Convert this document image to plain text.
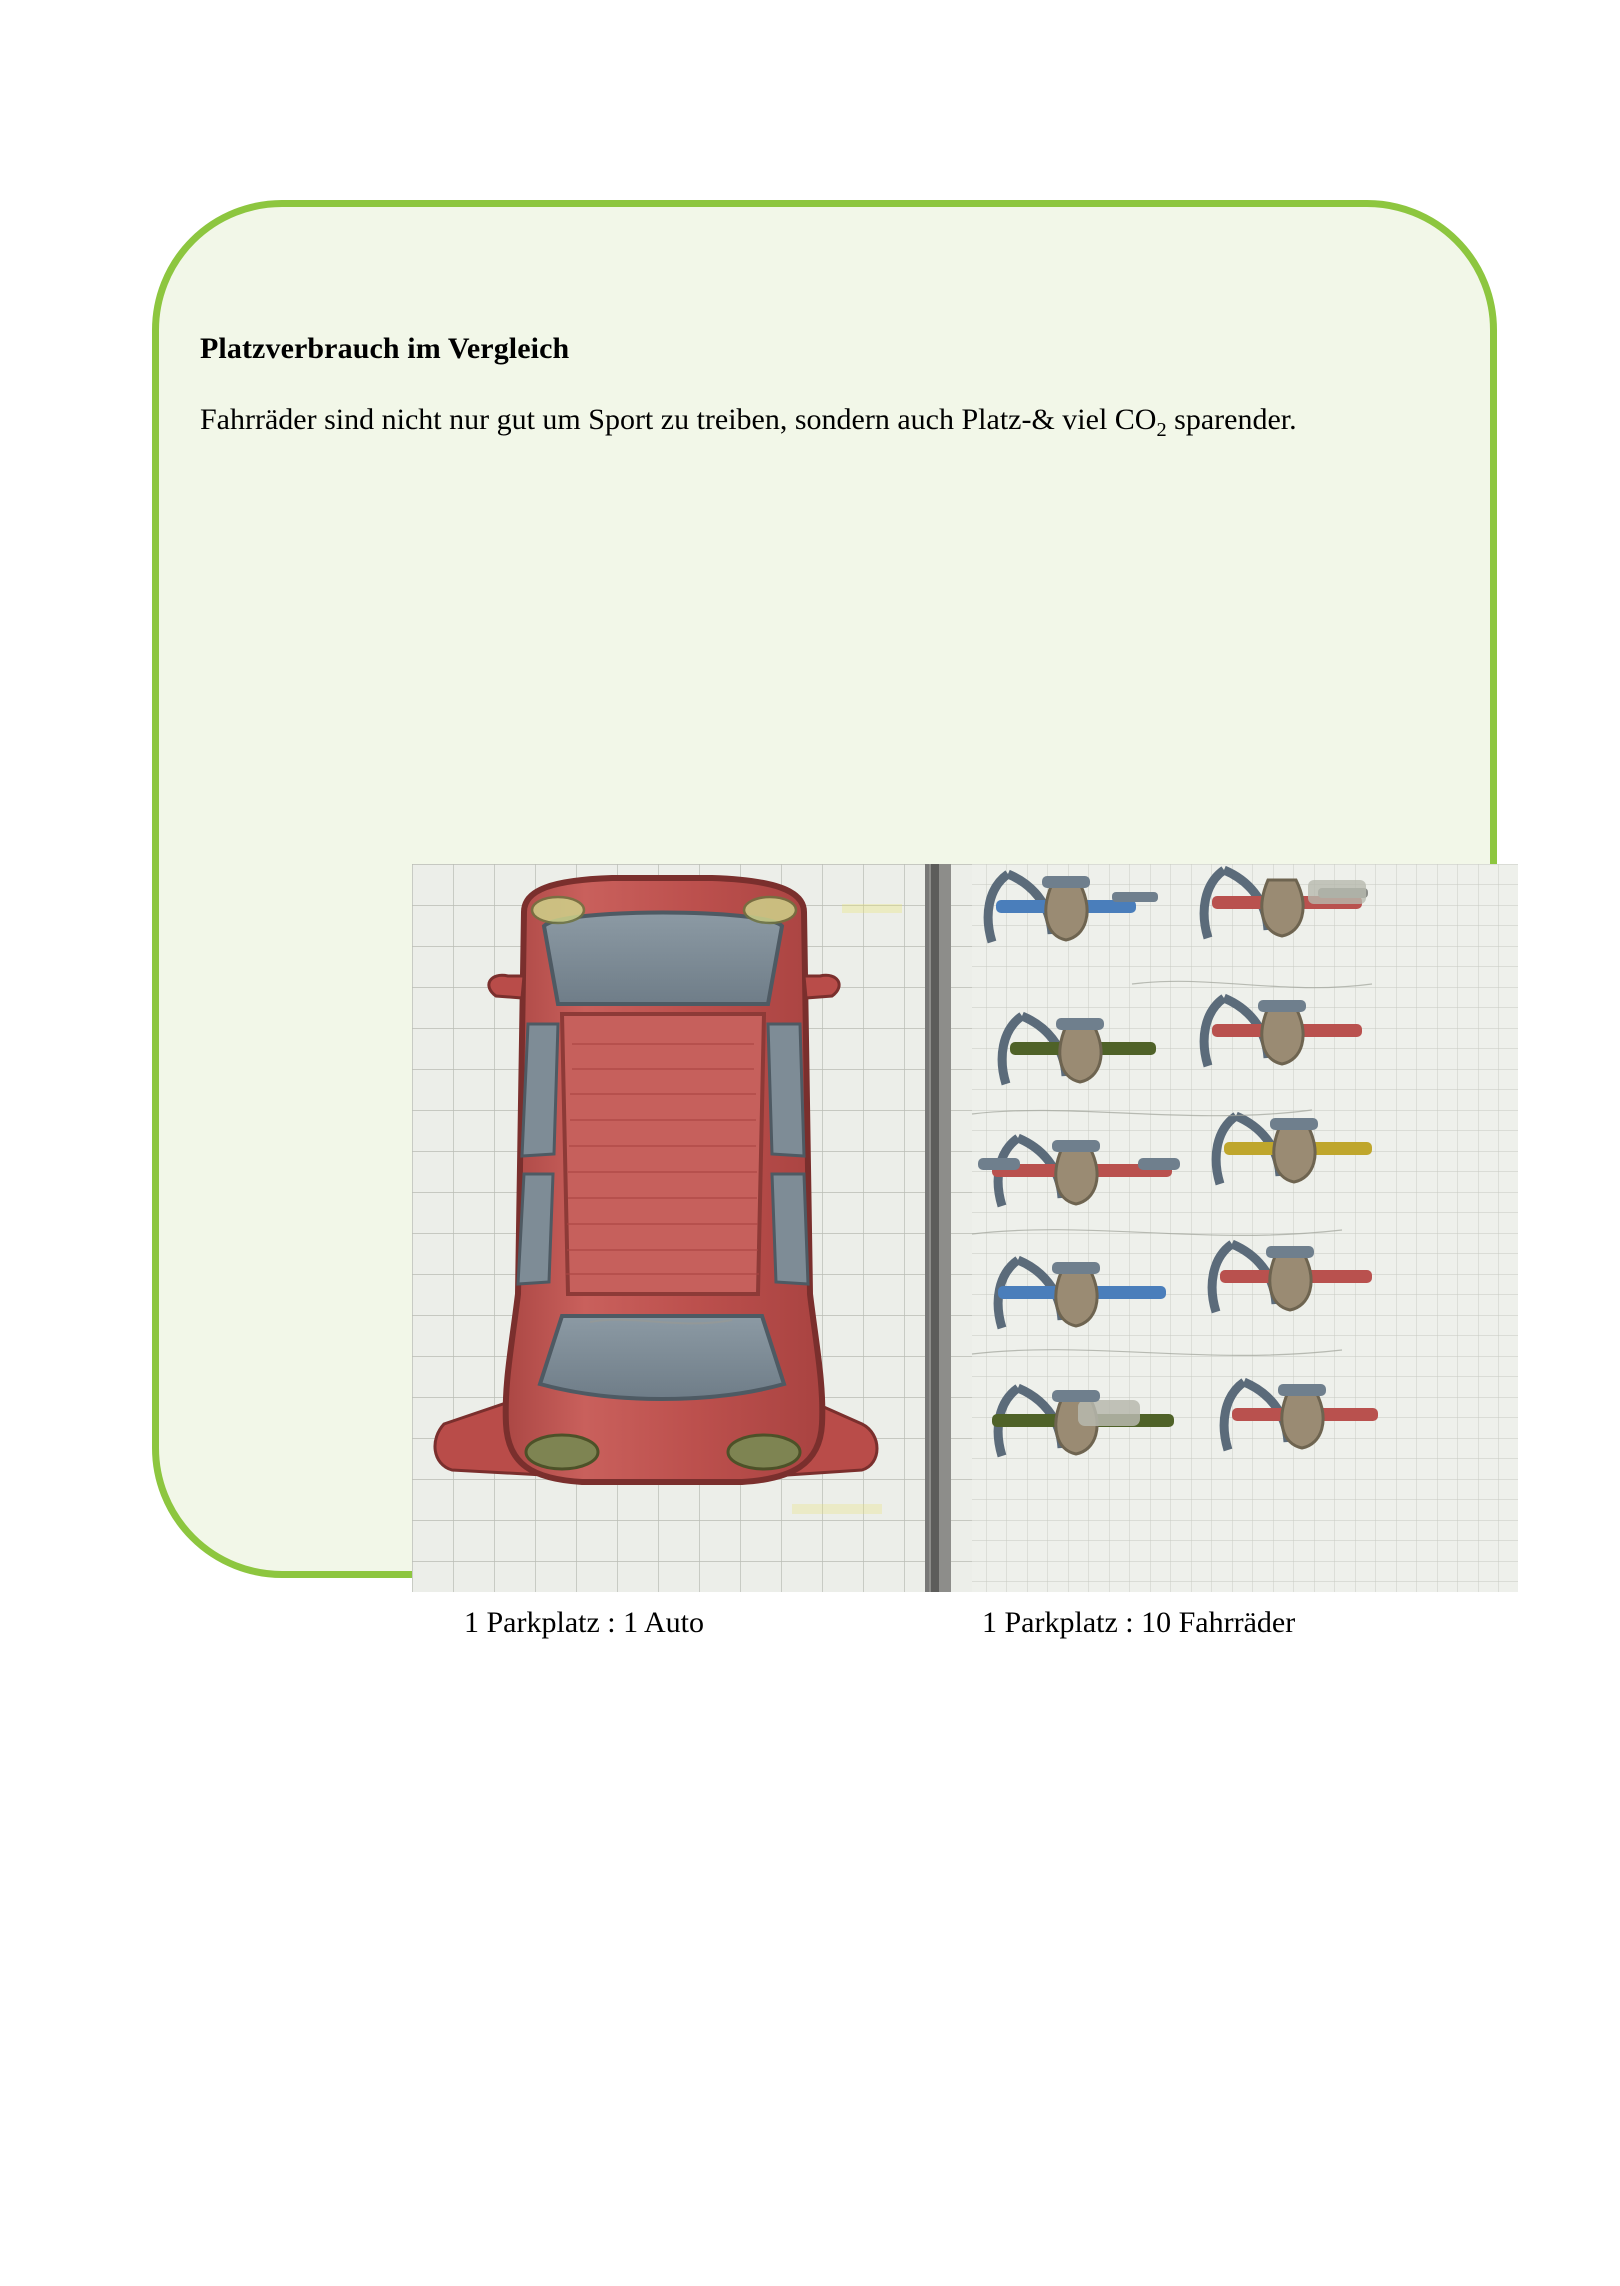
Platzverbrauch im Vergleich

Fahrräder sind nicht nur gut um Sport zu treiben, sondern auch Platz-& viel $CO_2$ sparender.

1 Parkplatz : 1 Auto	1 Parkplatz : 10 Fahrräder
